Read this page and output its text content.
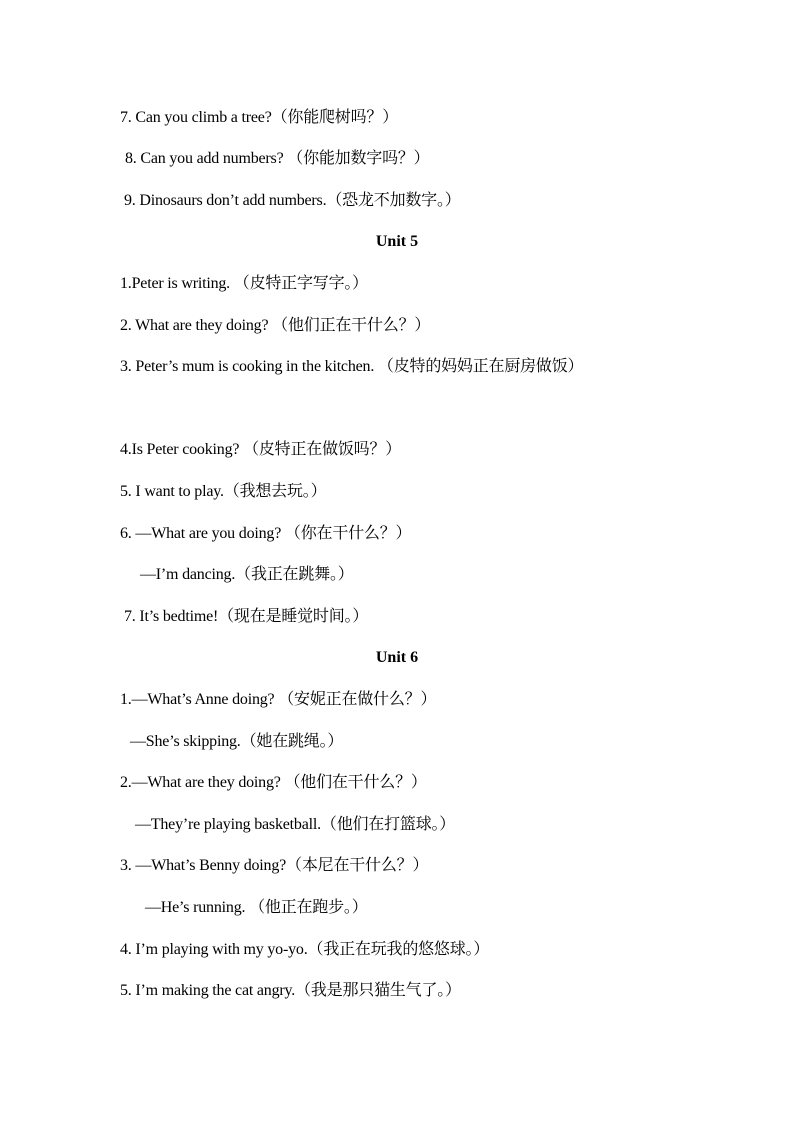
7. Can you climb a tree?（你能爬树吗？）
8. Can you add numbers? （你能加数字吗？）
9. Dinosaurs don’t add numbers.（恐龙不加数字。）
Unit 5
1.Peter is writing. （皮特正字写字。）
2. What are they doing? （他们正在干什么？）
3. Peter’s mum is cooking in the kitchen. （皮特的妈妈正在厨房做饭）
4.Is Peter cooking? （皮特正在做饭吗？）
5. I want to play.（我想去玩。）
6. —What are you doing? （你在干什么？）
—I’m dancing.（我正在跳舞。）
7. It’s bedtime!（现在是睡觉时间。）
Unit 6
1.—What’s Anne doing? （安妮正在做什么？）
—She’s skipping.（她在跳绳。）
2.—What are they doing? （他们在干什么？）
—They’re playing basketball.（他们在打篮球。）
3. —What’s Benny doing?（本尼在干什么？）
—He’s running. （他正在跑步。）
4. I’m playing with my yo-yo.（我正在玩我的悠悠球。）
5. I’m making the cat angry.（我是那只猫生气了。）
